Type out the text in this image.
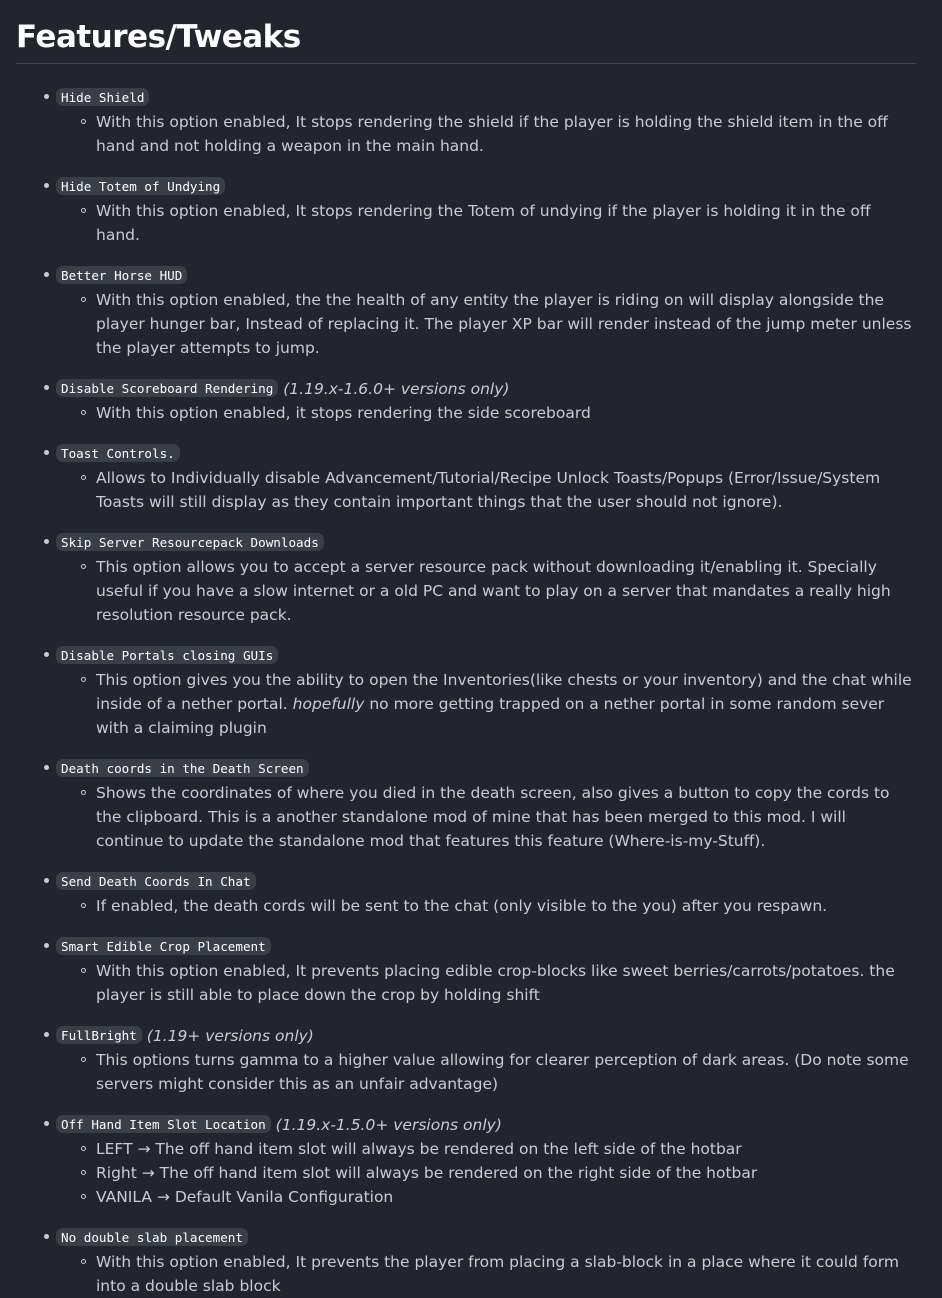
Features/Tweaks
Hide Shield
With this option enabled, It stops rendering the shield if the player is holding the shield item in the off hand and not holding a weapon in the main hand.
Hide Totem of Undying
With this option enabled, It stops rendering the Totem of undying if the player is holding it in the off hand.
Better Horse HUD
With this option enabled, the the health of any entity the player is riding on will display alongside the player hunger bar, Instead of replacing it. The player XP bar will render instead of the jump meter unless the player attempts to jump.
Disable Scoreboard Rendering (1.19.x-1.6.0+ versions only)
With this option enabled, it stops rendering the side scoreboard
Toast Controls.
Allows to Individually disable Advancement/Tutorial/Recipe Unlock Toasts/Popups (Error/Issue/System Toasts will still display as they contain important things that the user should not ignore).
Skip Server Resourcepack Downloads
This option allows you to accept a server resource pack without downloading it/enabling it. Specially useful if you have a slow internet or a old PC and want to play on a server that mandates a really high resolution resource pack.
Disable Portals closing GUIs
This option gives you the ability to open the Inventories(like chests or your inventory) and the chat while inside of a nether portal. hopefully no more getting trapped on a nether portal in some random sever with a claiming plugin
Death coords in the Death Screen
Shows the coordinates of where you died in the death screen, also gives a button to copy the cords to the clipboard. This is a another standalone mod of mine that has been merged to this mod. I will continue to update the standalone mod that features this feature (Where-is-my-Stuff).
Send Death Coords In Chat
If enabled, the death cords will be sent to the chat (only visible to the you) after you respawn.
Smart Edible Crop Placement
With this option enabled, It prevents placing edible crop-blocks like sweet berries/carrots/potatoes. the player is still able to place down the crop by holding shift
FullBright (1.19+ versions only)
This options turns gamma to a higher value allowing for clearer perception of dark areas. (Do note some servers might consider this as an unfair advantage)
Off Hand Item Slot Location (1.19.x-1.5.0+ versions only)
LEFT → The off hand item slot will always be rendered on the left side of the hotbar
Right → The off hand item slot will always be rendered on the right side of the hotbar
VANILA → Default Vanila Configuration
No double slab placement
With this option enabled, It prevents the player from placing a slab-block in a place where it could form into a double slab block
